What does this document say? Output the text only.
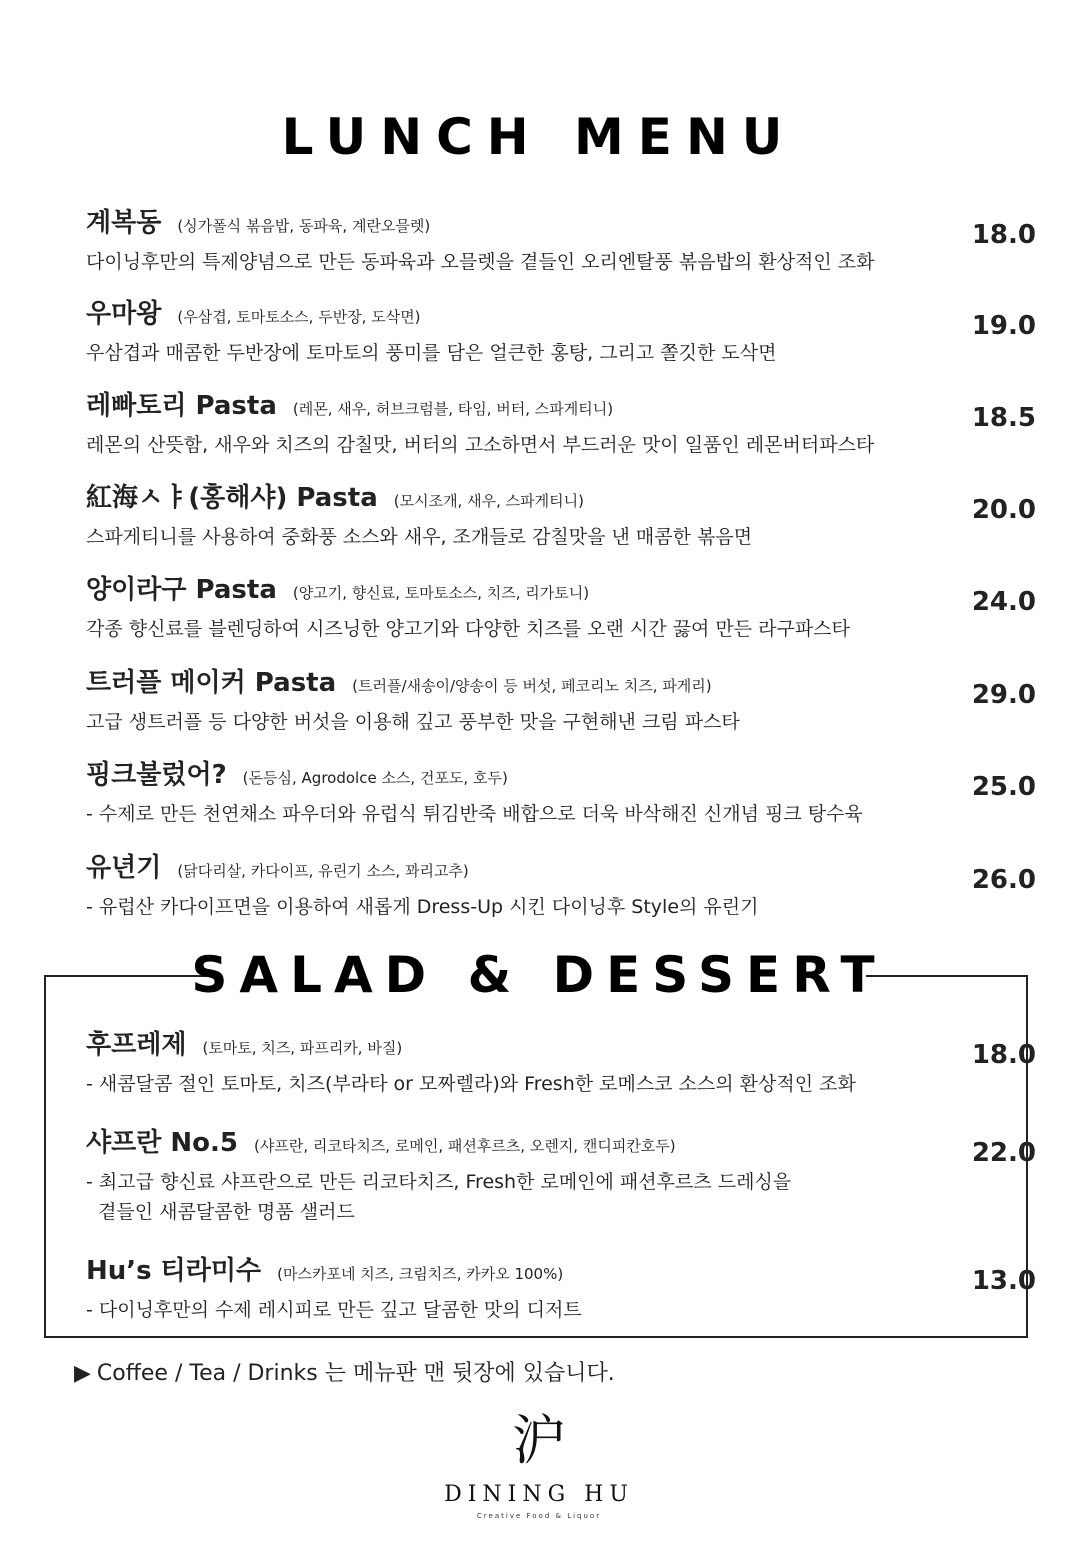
LUNCH MENU
계복동 (싱가폴식 볶음밥, 동파육, 계란오믈렛)
다이닝후만의 특제양념으로 만든 동파육과 오믈렛을 곁들인 오리엔탈풍 볶음밥의 환상적인 조화
18.0
우마왕 (우삼겹, 토마토소스, 두반장, 도삭면)
우삼겹과 매콤한 두반장에 토마토의 풍미를 담은 얼큰한 홍탕, 그리고 쫄깃한 도삭면
19.0
레빠토리 Pasta (레몬, 새우, 허브크럼블, 타임, 버터, 스파게티니)
레몬의 산뜻함, 새우와 치즈의 감칠맛, 버터의 고소하면서 부드러운 맛이 일품인 레몬버터파스타
18.5
紅海ㅅㅑ(홍해샤) Pasta (모시조개, 새우, 스파게티니)
스파게티니를 사용하여 중화풍 소스와 새우, 조개들로 감칠맛을 낸 매콤한 볶음면
20.0
양이라구 Pasta (양고기, 향신료, 토마토소스, 치즈, 리가토니)
각종 향신료를 블렌딩하여 시즈닝한 양고기와 다양한 치즈를 오랜 시간 끓여 만든 라구파스타
24.0
트러플 메이커 Pasta (트러플/새송이/양송이 등 버섯, 페코리노 치즈, 파게리)
고급 생트러플 등 다양한 버섯을 이용해 깊고 풍부한 맛을 구현해낸 크림 파스타
29.0
핑크불렀어? (돈등심, Agrodolce 소스, 건포도, 호두)
- 수제로 만든 천연채소 파우더와 유럽식 튀김반죽 배합으로 더욱 바삭해진 신개념 핑크 탕수육
25.0
유년기 (닭다리살, 카다이프, 유린기 소스, 꽈리고추)
- 유럽산 카다이프면을 이용하여 새롭게 Dress-Up 시킨 다이닝후 Style의 유린기
26.0
SALAD & DESSERT
후프레제 (토마토, 치즈, 파프리카, 바질)
- 새콤달콤 절인 토마토, 치즈(부라타 or 모짜렐라)와 Fresh한 로메스코 소스의 환상적인 조화
18.0
샤프란 No.5 (샤프란, 리코타치즈, 로메인, 패션후르츠, 오렌지, 캔디피칸호두)
- 최고급 향신료 샤프란으로 만든 리코타치즈, Fresh한 로메인에 패션후르츠 드레싱을
곁들인 새콤달콤한 명품 샐러드
22.0
Hu’s 티라미수 (마스카포네 치즈, 크림치즈, 카카오 100%)
- 다이닝후만의 수제 레시피로 만든 깊고 달콤한 맛의 디저트
13.0
▶ Coffee / Tea / Drinks 는 메뉴판 맨 뒷장에 있습니다.
沪
DINING HU
Creative Food & Liquor
